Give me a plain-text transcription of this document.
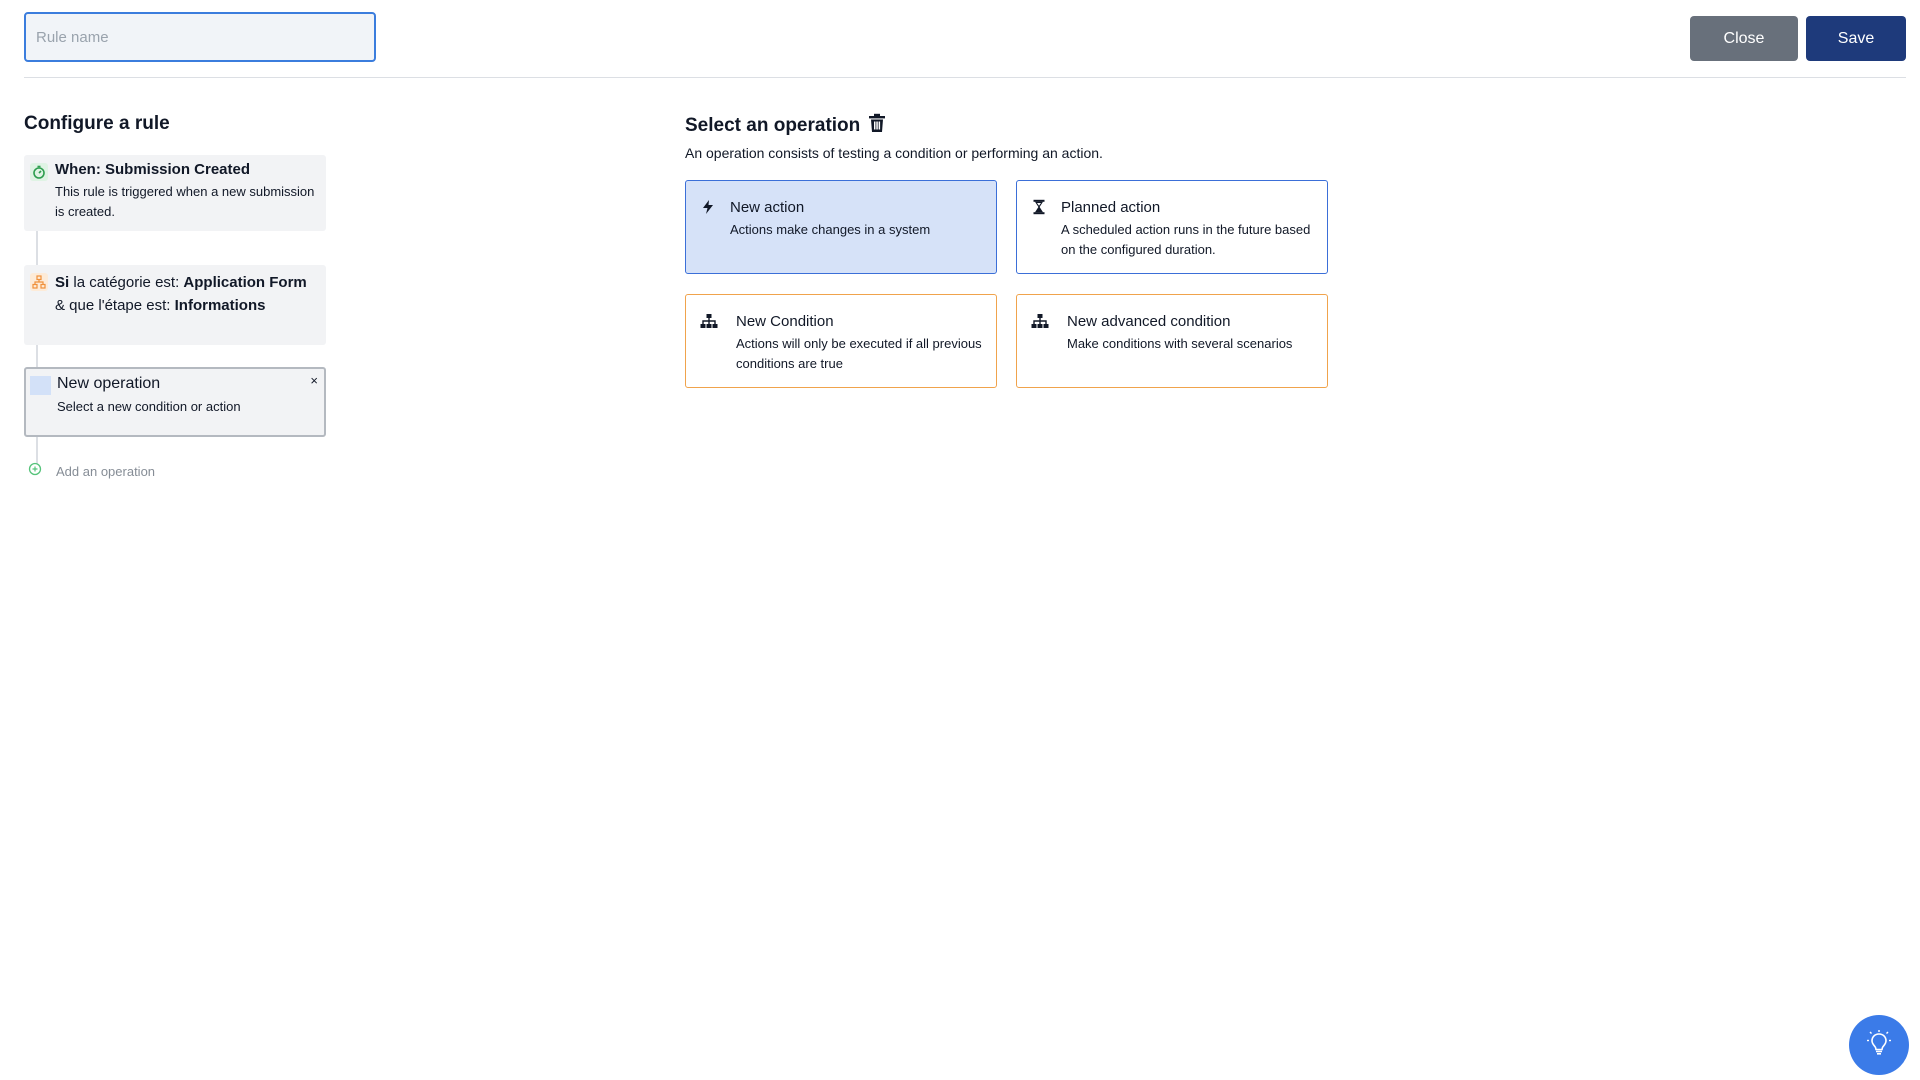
Rule name
Close	Save
Configure a rule
When: Submission Created
This rule is triggered when a new submission is created.
Si la catégorie est: Application Form & que l'étape est: Informations
New operation
Select a new condition or action
×
Add an operation
Select an operation
An operation consists of testing a condition or performing an action.
New action
Actions make changes in a system
Planned action
A scheduled action runs in the future based on the configured duration.
New Condition
Actions will only be executed if all previous conditions are true
New advanced condition
Make conditions with several scenarios
